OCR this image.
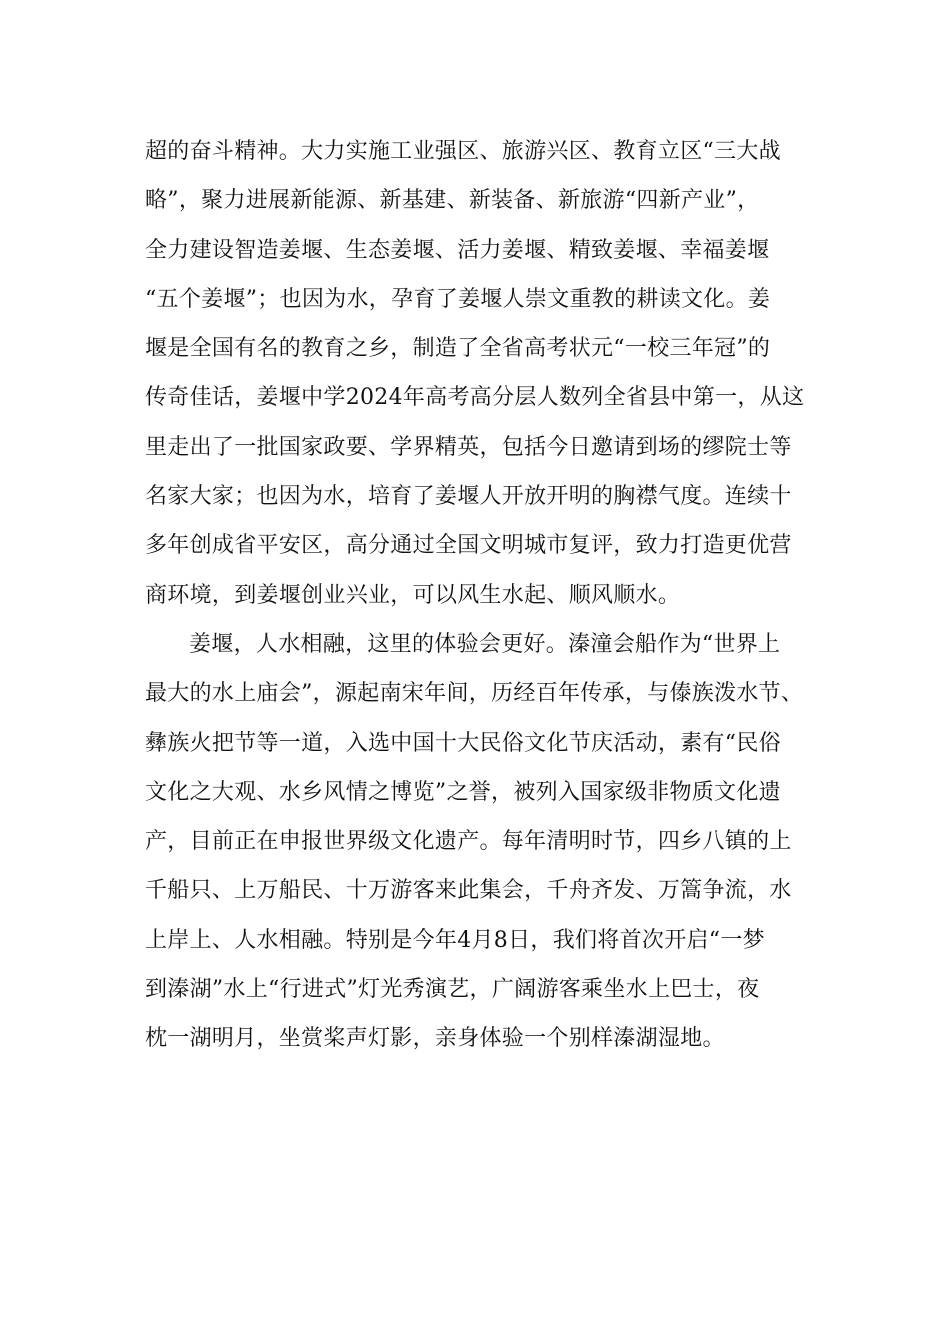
超的奋斗精神。大力实施工业强区、旅游兴区、教育立区“三大战
略”，聚力进展新能源、新基建、新装备、新旅游“四新产业”，
全力建设智造姜堰、生态姜堰、活力姜堰、精致姜堰、幸福姜堰
“五个姜堰”；也因为水，孕育了姜堰人崇文重教的耕读文化。姜
堰是全国有名的教育之乡，制造了全省高考状元“一校三年冠”的
传奇佳话，姜堰中学2024年高考高分层人数列全省县中第一，从这
里走出了一批国家政要、学界精英，包括今日邀请到场的缪院士等
名家大家；也因为水，培育了姜堰人开放开明的胸襟气度。连续十
多年创成省平安区，高分通过全国文明城市复评，致力打造更优营
商环境，到姜堰创业兴业，可以风生水起、顺风顺水。
姜堰，人水相融，这里的体验会更好。溱潼会船作为“世界上
最大的水上庙会”，源起南宋年间，历经百年传承，与傣族泼水节、
彝族火把节等一道，入选中国十大民俗文化节庆活动，素有“民俗
文化之大观、水乡风情之博览”之誉，被列入国家级非物质文化遗
产，目前正在申报世界级文化遗产。每年清明时节，四乡八镇的上
千船只、上万船民、十万游客来此集会，千舟齐发、万篙争流，水
上岸上、人水相融。特别是今年4月8日，我们将首次开启“一梦
到溱湖”水上“行进式”灯光秀演艺，广阔游客乘坐水上巴士，夜
枕一湖明月，坐赏桨声灯影，亲身体验一个别样溱湖湿地。
